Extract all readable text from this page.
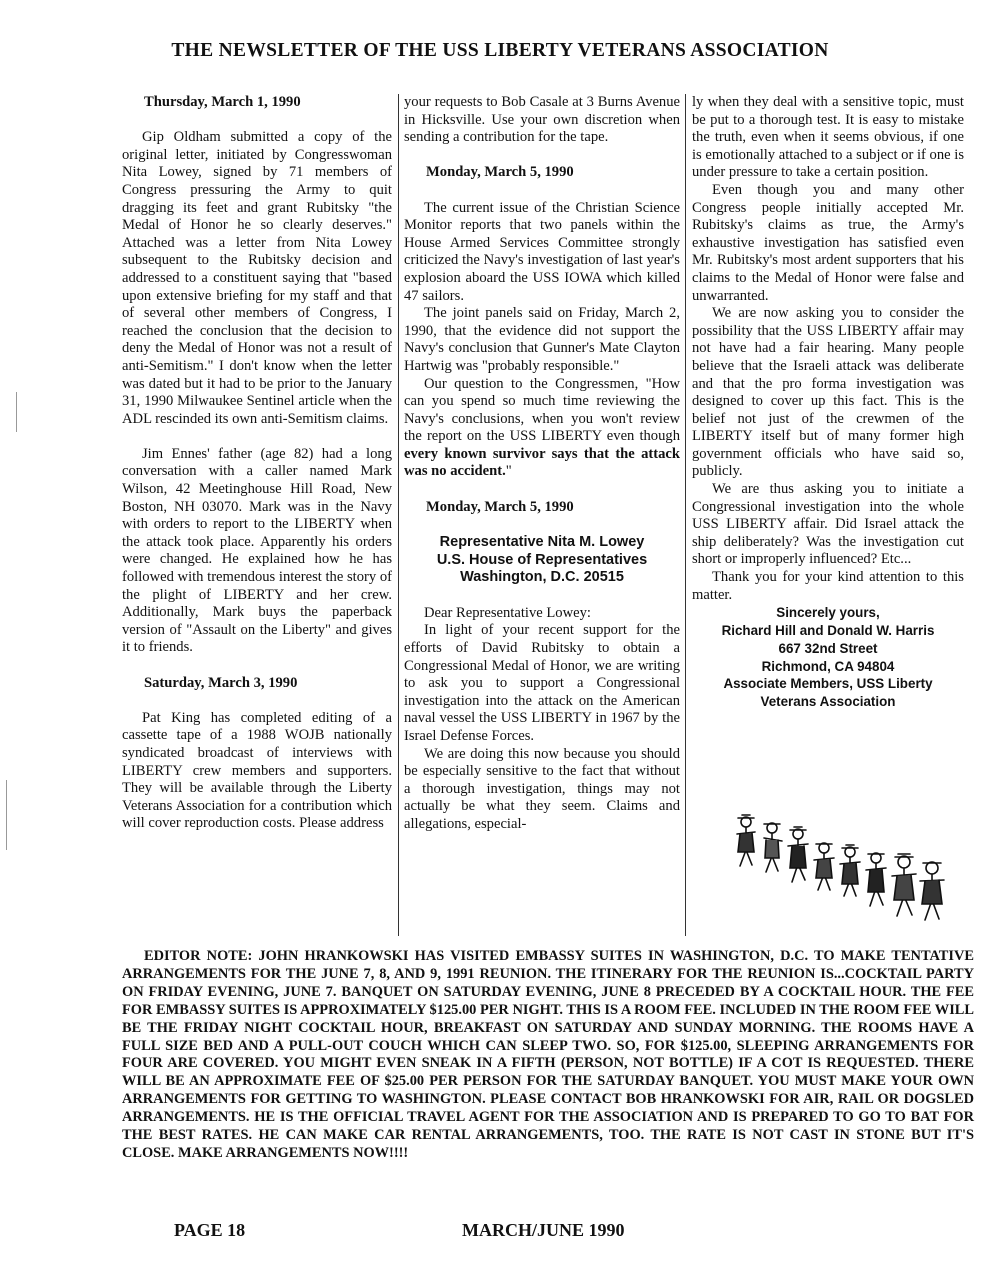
THE NEWSLETTER OF THE USS LIBERTY VETERANS ASSOCIATION

Thursday, March 1, 1990

Gip Oldham submitted a copy of the original letter, initiated by Congresswoman Nita Lowey, signed by 71 members of Congress pressuring the Army to quit dragging its feet and grant Rubitsky "the Medal of Honor he so clearly deserves." Attached was a letter from Nita Lowey subsequent to the Rubitsky decision and addressed to a constituent saying that "based upon extensive briefing for my staff and that of several other members of Congress, I reached the conclusion that the decision to deny the Medal of Honor was not a result of anti-Semitism." I don't know when the letter was dated but it had to be prior to the January 31, 1990 Milwaukee Sentinel article when the ADL rescinded its own anti-Semitism claims.

Jim Ennes' father (age 82) had a long conversation with a caller named Mark Wilson, 42 Meetinghouse Hill Road, New Boston, NH 03070. Mark was in the Navy with orders to report to the LIBERTY when the attack took place. Apparently his orders were changed. He explained how he has followed with tremendous interest the story of the plight of LIBERTY and her crew. Additionally, Mark buys the paperback version of "Assault on the Liberty" and gives it to friends.

Saturday, March 3, 1990

Pat King has completed editing of a cassette tape of a 1988 WOJB nationally syndicated broadcast of interviews with LIBERTY crew members and supporters. They will be available through the Liberty Veterans Association for a contribution which will cover reproduction costs. Please address

your requests to Bob Casale at 3 Burns Avenue in Hicksville. Use your own discretion when sending a contribution for the tape.

Monday, March 5, 1990

The current issue of the Christian Science Monitor reports that two panels within the House Armed Services Committee strongly criticized the Navy's investigation of last year's explosion aboard the USS IOWA which killed 47 sailors.

The joint panels said on Friday, March 2, 1990, that the evidence did not support the Navy's conclusion that Gunner's Mate Clayton Hartwig was "probably responsible."

Our question to the Congressmen, "How can you spend so much time reviewing the Navy's conclusions, when you won't review the report on the USS LIBERTY even though every known survivor says that the attack was no accident."

Monday, March 5, 1990

Representative Nita M. Lowey
U.S. House of Representatives
Washington, D.C. 20515

Dear Representative Lowey:

In light of your recent support for the efforts of David Rubitsky to obtain a Congressional Medal of Honor, we are writing to ask you to support a Congressional investigation into the attack on the American naval vessel the USS LIBERTY in 1967 by the Israel Defense Forces.

We are doing this now because you should be especially sensitive to the fact that without a thorough investigation, things may not actually be what they seem. Claims and allegations, especial-

ly when they deal with a sensitive topic, must be put to a thorough test. It is easy to mistake the truth, even when it seems obvious, if one is emotionally attached to a subject or if one is under pressure to take a certain position.

Even though you and many other Congress people initially accepted Mr. Rubitsky's claims as true, the Army's exhaustive investigation has satisfied even Mr. Rubitsky's most ardent supporters that his claims to the Medal of Honor were false and unwarranted.

We are now asking you to consider the possibility that the USS LIBERTY affair may not have had a fair hearing. Many people believe that the Israeli attack was deliberate and that the pro forma investigation was designed to cover up this fact. This is the belief not just of the crewmen of the LIBERTY itself but of many former high government officials who have said so, publicly.

We are thus asking you to initiate a Congressional investigation into the whole USS LIBERTY affair. Did Israel attack the ship deliberately? Was the investigation cut short or improperly influenced? Etc...

Thank you for your kind attention to this matter.

Sincerely yours,
Richard Hill and Donald W. Harris
667 32nd Street
Richmond, CA 94804
Associate Members, USS Liberty
Veterans Association

EDITOR NOTE: JOHN HRANKOWSKI HAS VISITED EMBASSY SUITES IN WASHINGTON, D.C. TO MAKE TENTATIVE ARRANGEMENTS FOR THE JUNE 7, 8, AND 9, 1991 REUNION. THE ITINERARY FOR THE REUNION IS...COCKTAIL PARTY ON FRIDAY EVENING, JUNE 7. BANQUET ON SATURDAY EVENING, JUNE 8 PRECEDED BY A COCKTAIL HOUR. THE FEE FOR EMBASSY SUITES IS APPROXIMATELY $125.00 PER NIGHT. THIS IS A ROOM FEE. INCLUDED IN THE ROOM FEE WILL BE THE FRIDAY NIGHT COCKTAIL HOUR, BREAKFAST ON SATURDAY AND SUNDAY MORNING. THE ROOMS HAVE A FULL SIZE BED AND A PULL-OUT COUCH WHICH CAN SLEEP TWO. SO, FOR $125.00, SLEEPING ARRANGEMENTS FOR FOUR ARE COVERED. YOU MIGHT EVEN SNEAK IN A FIFTH (PERSON, NOT BOTTLE) IF A COT IS REQUESTED. THERE WILL BE AN APPROXIMATE FEE OF $25.00 PER PERSON FOR THE SATURDAY BANQUET. YOU MUST MAKE YOUR OWN ARRANGEMENTS FOR GETTING TO WASHINGTON. PLEASE CONTACT BOB HRANKOWSKI FOR AIR, RAIL OR DOGSLED ARRANGEMENTS. HE IS THE OFFICIAL TRAVEL AGENT FOR THE ASSOCIATION AND IS PREPARED TO GO TO BAT FOR THE BEST RATES. HE CAN MAKE CAR RENTAL ARRANGEMENTS, TOO. THE RATE IS NOT CAST IN STONE BUT IT'S CLOSE. MAKE ARRANGEMENTS NOW!!!!

PAGE 18	MARCH/JUNE 1990
